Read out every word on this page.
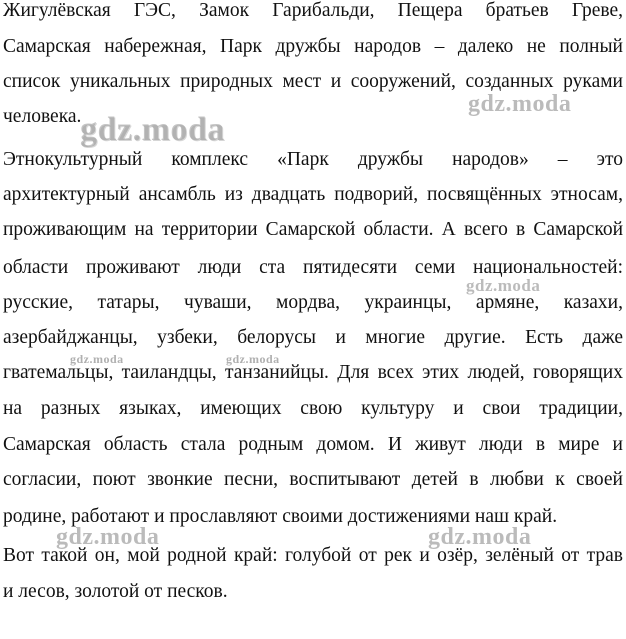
Жигулёвская ГЭС, Замок Гарибальди, Пещера братьев Греве,
Самарская набережная, Парк дружбы народов – далеко не полный
список уникальных природных мест и сооружений, созданных руками
человека.
Этнокультурный комплекс «Парк дружбы народов» – это
архитектурный ансамбль из двадцать подворий, посвящённых этносам,
проживающим на территории Самарской области. А всего в Самарской
области проживают люди ста пятидесяти семи национальностей:
русские, татары, чуваши, мордва, украинцы, армяне, казахи,
азербайджанцы, узбеки, белорусы и многие другие. Есть даже
гватемальцы, таиландцы, танзанийцы. Для всех этих людей, говорящих
на разных языках, имеющих свою культуру и свои традиции,
Самарская область стала родным домом. И живут люди в мире и
согласии, поют звонкие песни, воспитывают детей в любви к своей
родине, работают и прославляют своими достижениями наш край.
Вот такой он, мой родной край: голубой от рек и озёр, зелёный от трав
и лесов, золотой от песков.
gdz.moda
gdz.moda
gdz.moda
gdz.moda	gdz.moda
gdz.moda	gdz.moda
